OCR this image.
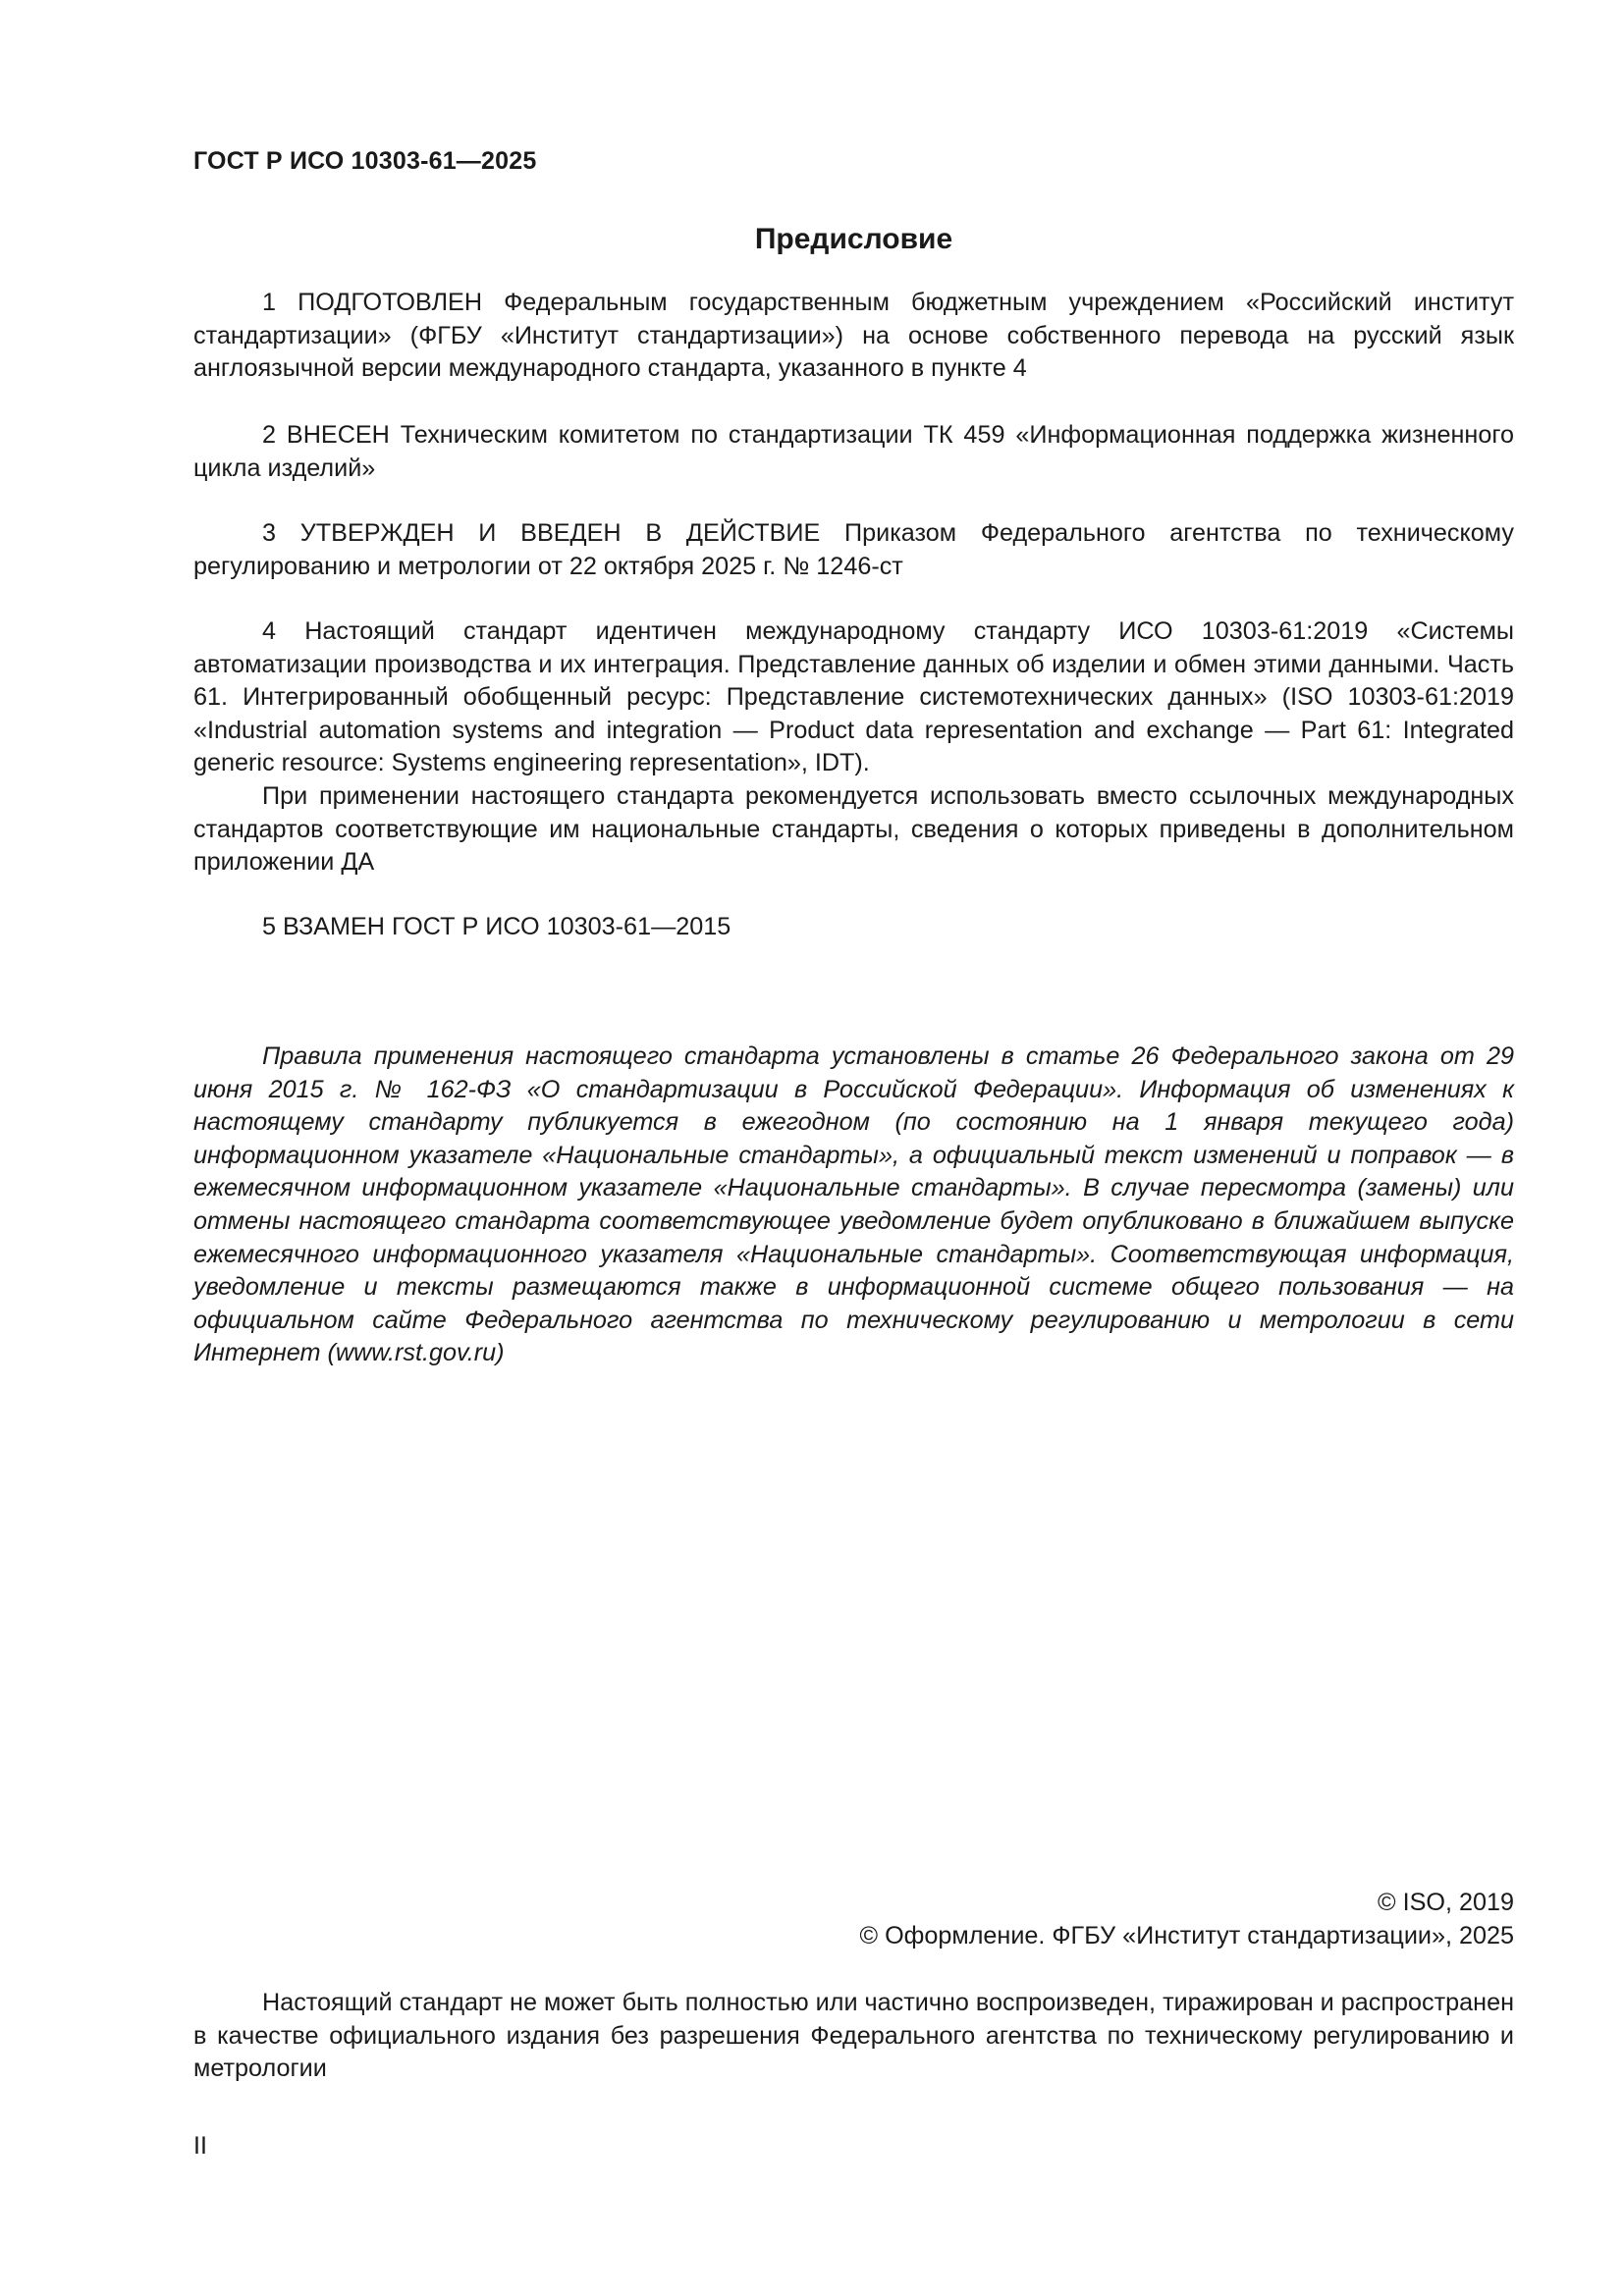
ГОСТ Р ИСО 10303-61—2025
Предисловие
1 ПОДГОТОВЛЕН Федеральным государственным бюджетным учреждением «Российский институт стандартизации» (ФГБУ «Институт стандартизации») на основе собственного перевода на русский язык англоязычной версии международного стандарта, указанного в пункте 4
2 ВНЕСЕН Техническим комитетом по стандартизации ТК 459 «Информационная поддержка жизненного цикла изделий»
3 УТВЕРЖДЕН И ВВЕДЕН В ДЕЙСТВИЕ Приказом Федерального агентства по техническому регулированию и метрологии от 22 октября 2025 г. № 1246-ст
4 Настоящий стандарт идентичен международному стандарту ИСО 10303-61:2019 «Системы автоматизации производства и их интеграция. Представление данных об изделии и обмен этими данными. Часть 61. Интегрированный обобщенный ресурс: Представление системотехнических данных» (ISO 10303-61:2019 «Industrial automation systems and integration — Product data representation and exchange — Part 61: Integrated generic resource: Systems engineering representation», IDT).
При применении настоящего стандарта рекомендуется использовать вместо ссылочных международных стандартов соответствующие им национальные стандарты, сведения о которых приведены в дополнительном приложении ДА
5 ВЗАМЕН ГОСТ Р ИСО 10303-61—2015
Правила применения настоящего стандарта установлены в статье 26 Федерального закона от 29 июня 2015 г. № 162-ФЗ «О стандартизации в Российской Федерации». Информация об изменениях к настоящему стандарту публикуется в ежегодном (по состоянию на 1 января текущего года) информационном указателе «Национальные стандарты», а официальный текст изменений и поправок — в ежемесячном информационном указателе «Национальные стандарты». В случае пересмотра (замены) или отмены настоящего стандарта соответствующее уведомление будет опубликовано в ближайшем выпуске ежемесячного информационного указателя «Национальные стандарты». Соответствующая информация, уведомление и тексты размещаются также в информационной системе общего пользования — на официальном сайте Федерального агентства по техническому регулированию и метрологии в сети Интернет (www.rst.gov.ru)
© ISO, 2019
© Оформление. ФГБУ «Институт стандартизации», 2025
Настоящий стандарт не может быть полностью или частично воспроизведен, тиражирован и распространен в качестве официального издания без разрешения Федерального агентства по техническому регулированию и метрологии
II
